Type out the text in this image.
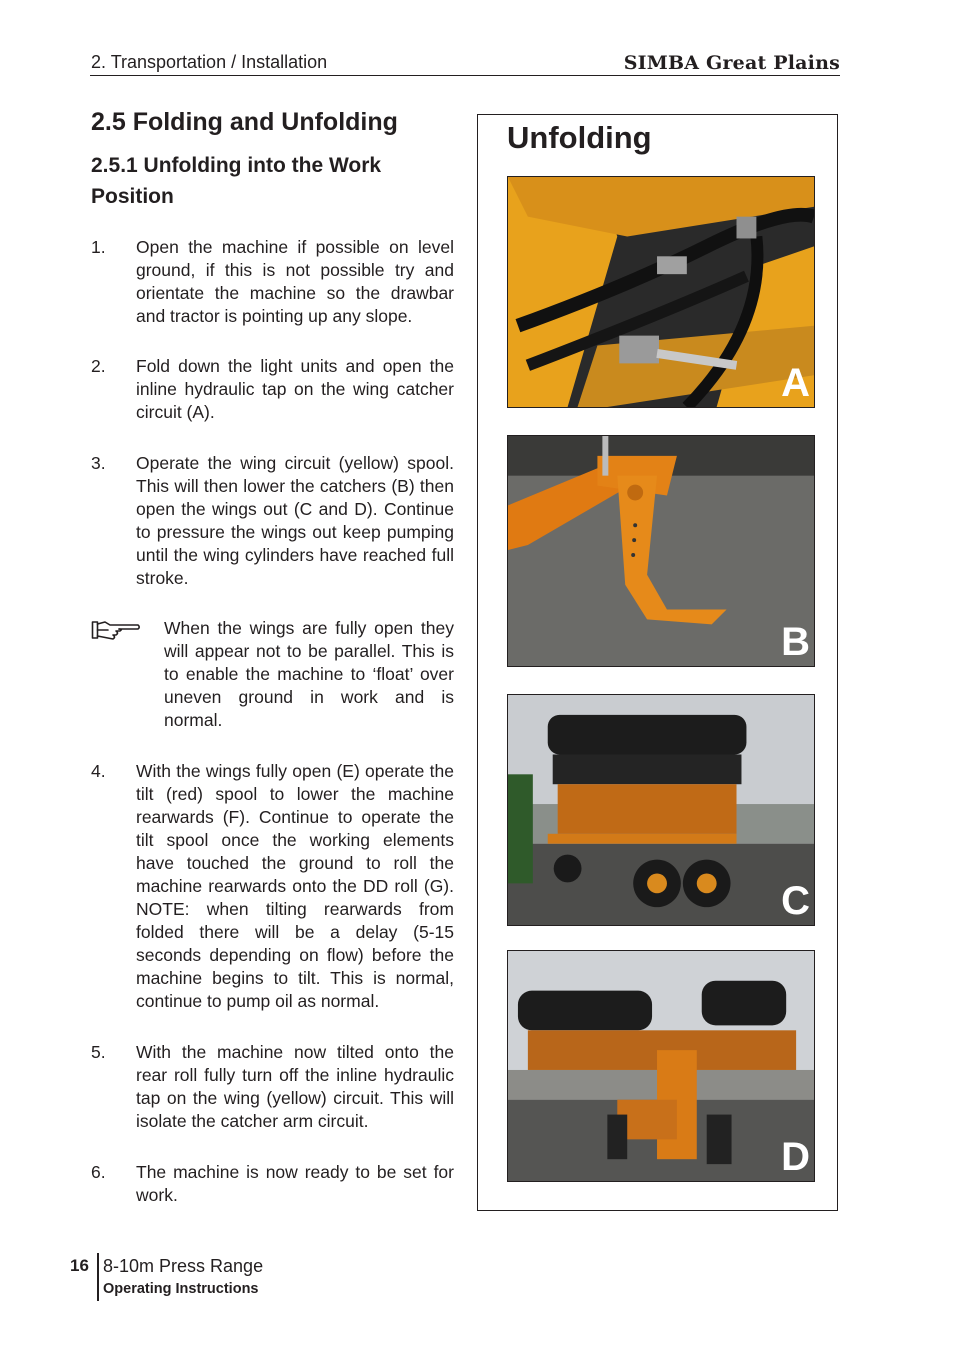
2. Transportation / Installation	SIMBA Great Plains
2.5 Folding and Unfolding
2.5.1 Unfolding into the Work Position
1. Open the machine if possible on level ground, if this is not possible try and orientate the machine so the drawbar and tractor is pointing up any slope.
2. Fold down the light units and open the inline hydraulic tap on the wing catcher circuit (A).
3. Operate the wing circuit (yellow) spool. This will then lower the catchers (B) then open the wings out (C and D). Continue to pressure the wings out keep pumping until the wing cylinders have reached full stroke.
When the wings are fully open they will appear not to be parallel. This is to enable the machine to ‘float’ over uneven ground in work and is normal.
4. With the wings fully open (E) operate the tilt (red) spool to lower the machine rearwards (F). Continue to operate the tilt spool once the working elements have touched the ground to roll the machine rearwards onto the DD roll (G). NOTE: when tilting rearwards from folded there will be a delay (5-15 seconds depending on flow) before the machine begins to tilt. This is normal, continue to pump oil as normal.
5. With the machine now tilted onto the rear roll fully turn off the inline hydraulic tap on the wing (yellow) circuit. This will isolate the catcher arm circuit.
6. The machine is now ready to be set for work.
Unfolding
A
B
C
D
16 8-10m Press Range
Operating Instructions
